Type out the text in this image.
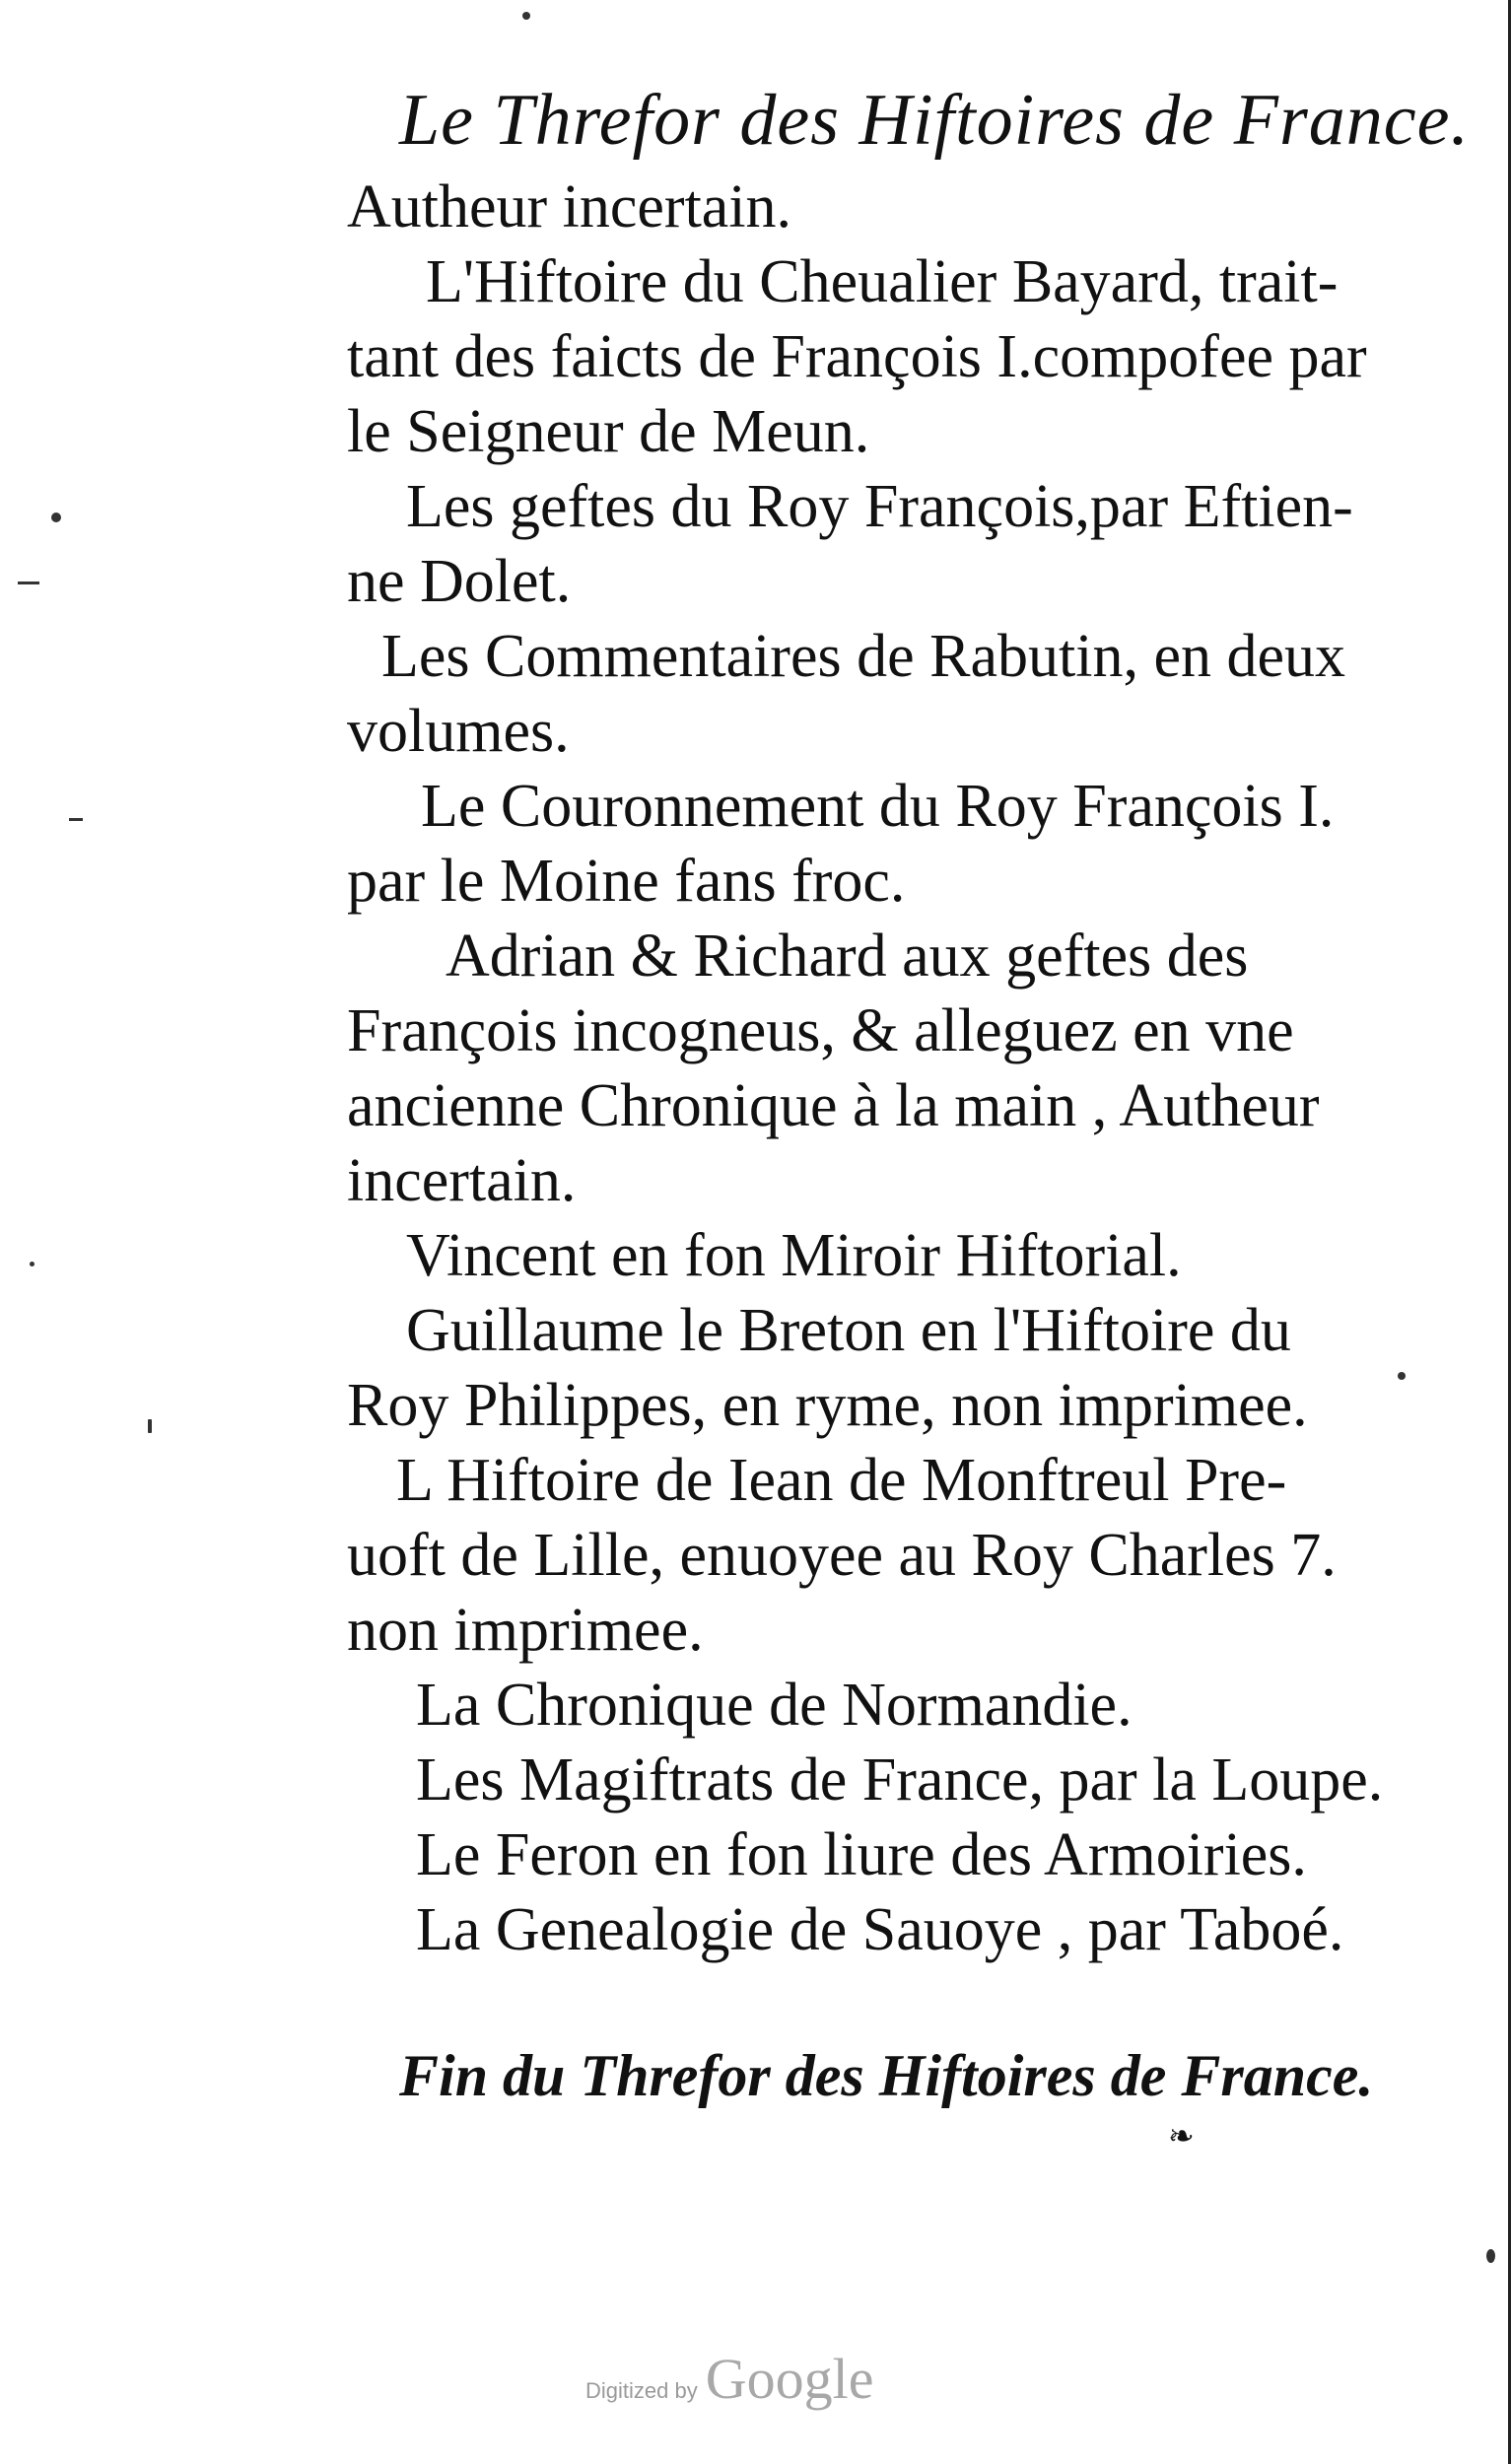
Le Threfor des Hiftoires de France.
Autheur incertain.
L'Hiftoire du Cheualier Bayard, trait-
tant des faicts de François I.compofee par
le Seigneur de Meun.
Les geftes du Roy François,par Eftien-
ne Dolet.
Les Commentaires de Rabutin, en deux
volumes.
Le Couronnement du Roy François I.
par le Moine fans froc.
Adrian & Richard aux geftes des
François incogneus, & alleguez en vne
ancienne Chronique à la main , Autheur
incertain.
Vincent en fon Miroir Hiftorial.
Guillaume le Breton en l'Hiftoire du
Roy Philippes, en ryme, non imprimee.
L Hiftoire de Iean de Monftreul Pre-
uoft de Lille, enuoyee au Roy Charles 7.
non imprimee.
La Chronique de Normandie.
Les Magiftrats de France, par la Loupe.
Le Feron en fon liure des Armoiries.
La Genealogie de Sauoye , par Taboé.
Fin du Threfor des Hiftoires de France.
❧
Digitized by Google
